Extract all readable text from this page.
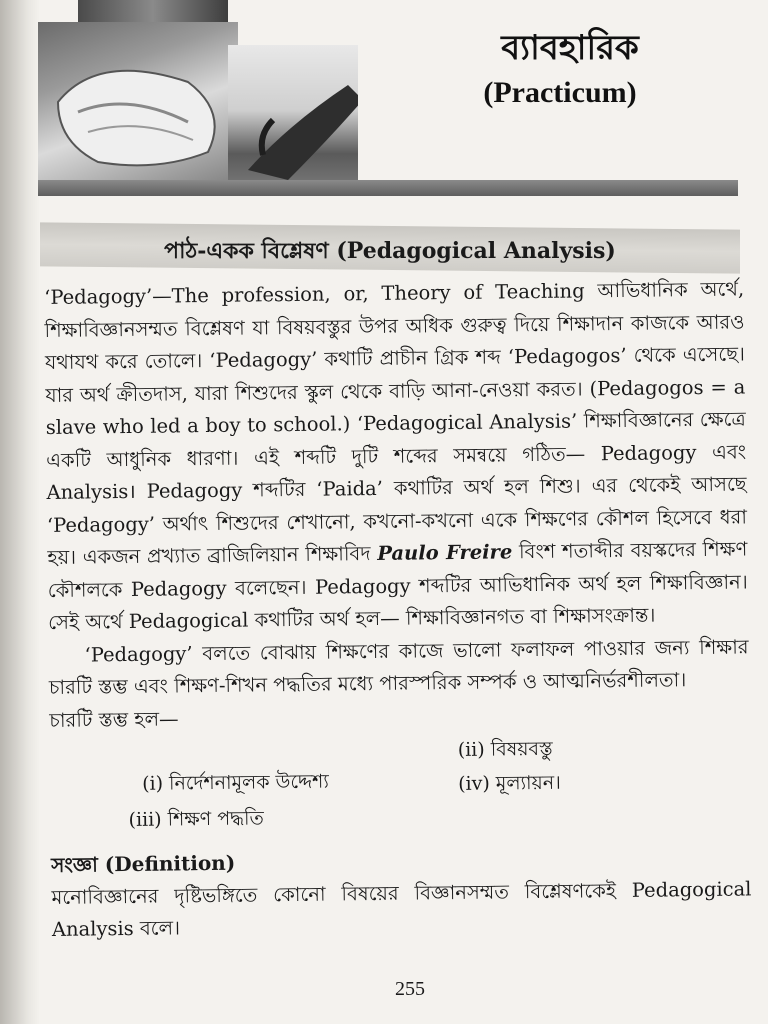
ব্যাবহারিক
(Practicum)
পাঠ-একক বিশ্লেষণ (Pedagogical Analysis)

‘Pedagogy’—The profession, or, Theory of Teaching আভিধানিক অর্থে, শিক্ষাবিজ্ঞানসম্মত বিশ্লেষণ যা বিষয়বস্তুর উপর অধিক গুরুত্ব দিয়ে শিক্ষাদান কাজকে আরও যথাযথ করে তোলে। ‘Pedagogy’ কথাটি প্রাচীন গ্রিক শব্দ ‘Pedagogos’ থেকে এসেছে। যার অর্থ ক্রীতদাস, যারা শিশুদের স্কুল থেকে বাড়ি আনা-নেওয়া করত। (Pedagogos = a slave who led a boy to school.) ‘Pedagogical Analysis’ শিক্ষাবিজ্ঞানের ক্ষেত্রে একটি আধুনিক ধারণা। এই শব্দটি দুটি শব্দের সমন্বয়ে গঠিত— Pedagogy এবং Analysis। Pedagogy শব্দটির ‘Paida’ কথাটির অর্থ হল শিশু। এর থেকেই আসছে ‘Pedagogy’ অর্থাৎ শিশুদের শেখানো, কখনো-কখনো একে শিক্ষণের কৌশল হিসেবে ধরা হয়। একজন প্রখ্যাত ব্রাজিলিয়ান শিক্ষাবিদ Paulo Freire বিংশ শতাব্দীর বয়স্কদের শিক্ষণ কৌশলকে Pedagogy বলেছেন। Pedagogy শব্দটির আভিধানিক অর্থ হল শিক্ষাবিজ্ঞান। সেই অর্থে Pedagogical কথাটির অর্থ হল— শিক্ষাবিজ্ঞানগত বা শিক্ষাসংক্রান্ত।

‘Pedagogy’ বলতে বোঝায় শিক্ষণের কাজে ভালো ফলাফল পাওয়ার জন্য শিক্ষার চারটি স্তম্ভ এবং শিক্ষণ-শিখন পদ্ধতির মধ্যে পারস্পরিক সম্পর্ক ও আত্মনির্ভরশীলতা।

চারটি স্তম্ভ হল—

(ii) বিষয়বস্তু
(i) নির্দেশনামূলক উদ্দেশ্য	(iv) মূল্যায়ন।
(iii) শিক্ষণ পদ্ধতি

সংজ্ঞা (Definition)

মনোবিজ্ঞানের দৃষ্টিভঙ্গিতে কোনো বিষয়ের বিজ্ঞানসম্মত বিশ্লেষণকেই Pedagogical Analysis বলে।

255
